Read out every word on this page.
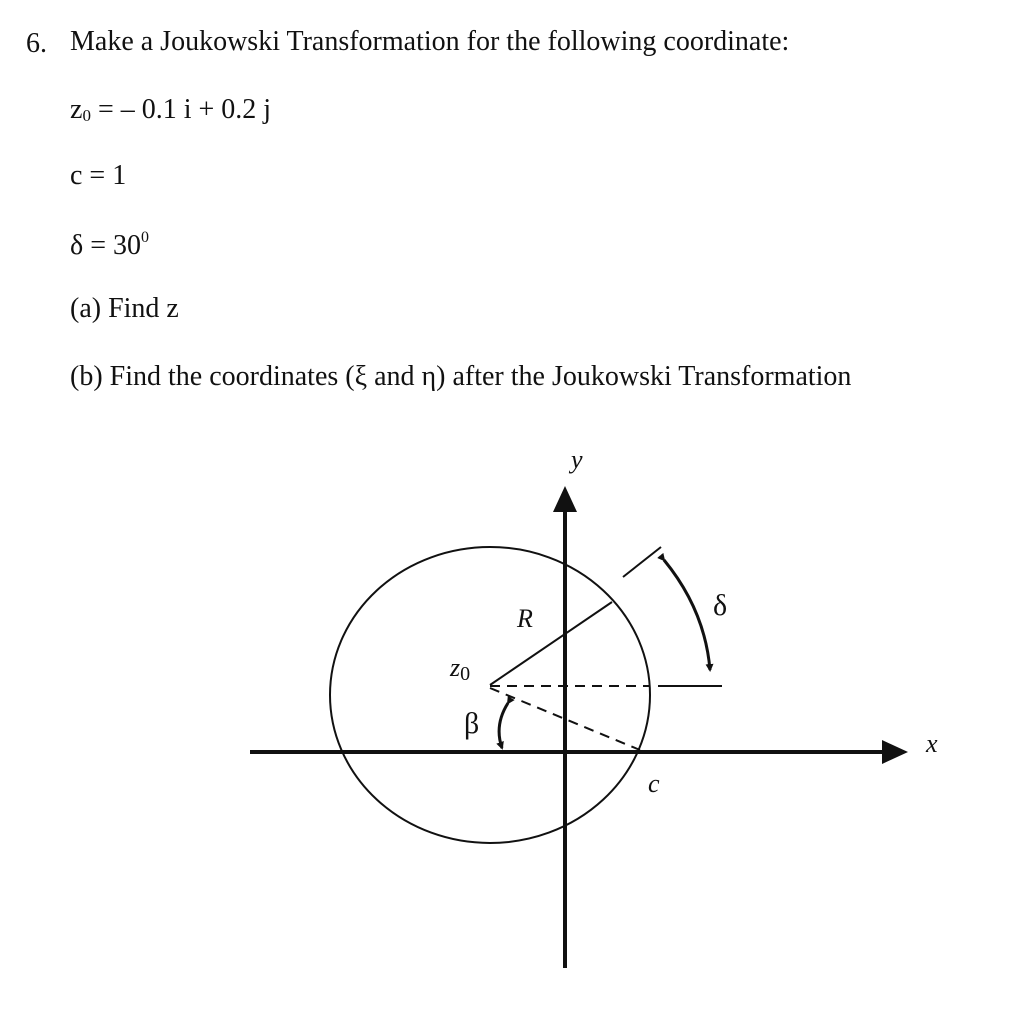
6. Make a Joukowski Transformation for the following coordinate:
$z_0$ = – 0.1 i + 0.2 j
c = 1
$\delta = 30^0$
(a) Find z
(b) Find the coordinates (ξ and η) after the Joukowski Transformation
y
x
R
z0
δ
β
c
